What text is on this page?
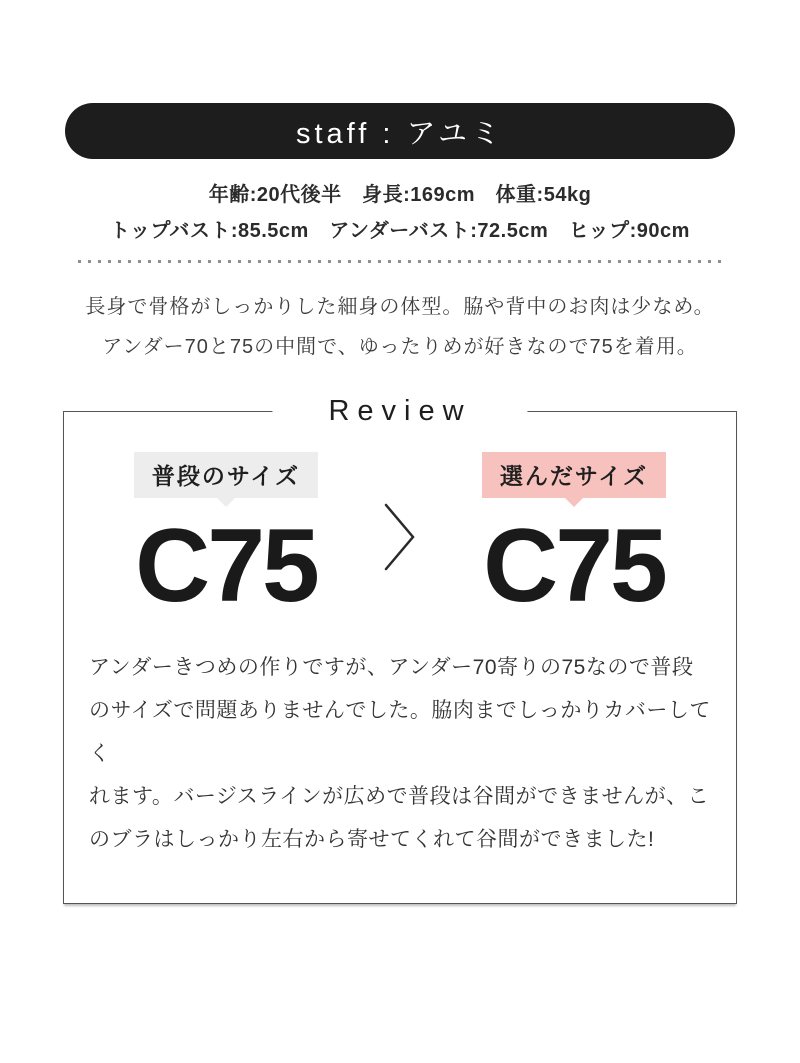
staff : アユミ
年齢:20代後半　身長:169cm　体重:54kg
トップバスト:85.5cm　アンダーバスト:72.5cm　ヒップ:90cm
長身で骨格がしっかりした細身の体型。脇や背中のお肉は少なめ。
アンダー70と75の中間で、ゆったりめが好きなので75を着用。
Review
普段のサイズ
C75
選んだサイズ
C75
アンダーきつめの作りですが、アンダー70寄りの75なので普段
のサイズで問題ありませんでした。脇肉までしっかりカバーしてく
れます。バージスラインが広めで普段は谷間ができませんが、こ
のブラはしっかり左右から寄せてくれて谷間ができました!
